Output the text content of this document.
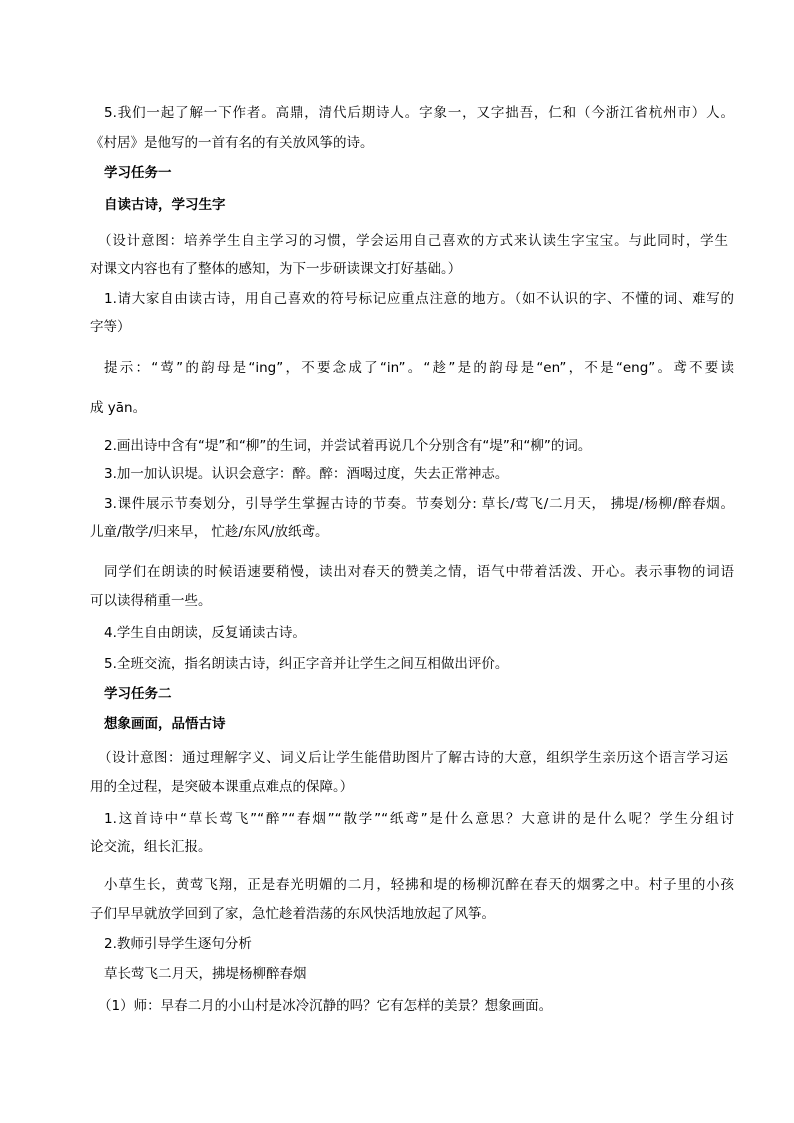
5.我们一起了解一下作者。高鼎，清代后期诗人。字象一，又字拙吾，仁和（今浙江省杭州市）人。
《村居》是他写的一首有名的有关放风筝的诗。
学习任务一
自读古诗，学习生字
（设计意图：培养学生自主学习的习惯，学会运用自己喜欢的方式来认读生字宝宝。与此同时，学生
对课文内容也有了整体的感知，为下一步研读课文打好基础。）
1.请大家自由读古诗，用自己喜欢的符号标记应重点注意的地方。（如不认识的字、不懂的词、难写的
字等）
提示：“莺”的韵母是“ing”，不要念成了“in”。“趁”是的韵母是“en”，不是“eng”。鸢不要读
成 yān。
2.画出诗中含有“堤”和“柳”的生词，并尝试着再说几个分别含有“堤”和“柳”的词。
3.加一加认识堤。认识会意字：醉。醉：酒喝过度，失去正常神志。
3.课件展示节奏划分，引导学生掌握古诗的节奏。节奏划分: 草长/莺飞/二月天， 拂堤/杨柳/醉春烟。
儿童/散学/归来早， 忙趁/东风/放纸鸢。
同学们在朗读的时候语速要稍慢，读出对春天的赞美之情，语气中带着活泼、开心。表示事物的词语
可以读得稍重一些。
4.学生自由朗读，反复诵读古诗。
5.全班交流，指名朗读古诗，纠正字音并让学生之间互相做出评价。
学习任务二
想象画面，品悟古诗
（设计意图：通过理解字义、词义后让学生能借助图片了解古诗的大意，组织学生亲历这个语言学习运
用的全过程，是突破本课重点难点的保障。）
1.这首诗中“草长莺飞”“醉”“春烟”“散学”“纸鸢”是什么意思？大意讲的是什么呢？学生分组讨
论交流，组长汇报。
小草生长，黄莺飞翔，正是春光明媚的二月，轻拂和堤的杨柳沉醉在春天的烟雾之中。村子里的小孩
子们早早就放学回到了家，急忙趁着浩荡的东风快活地放起了风筝。
2.教师引导学生逐句分析
草长莺飞二月天，拂堤杨柳醉春烟
（1）师：早春二月的小山村是冰冷沉静的吗？它有怎样的美景？想象画面。
